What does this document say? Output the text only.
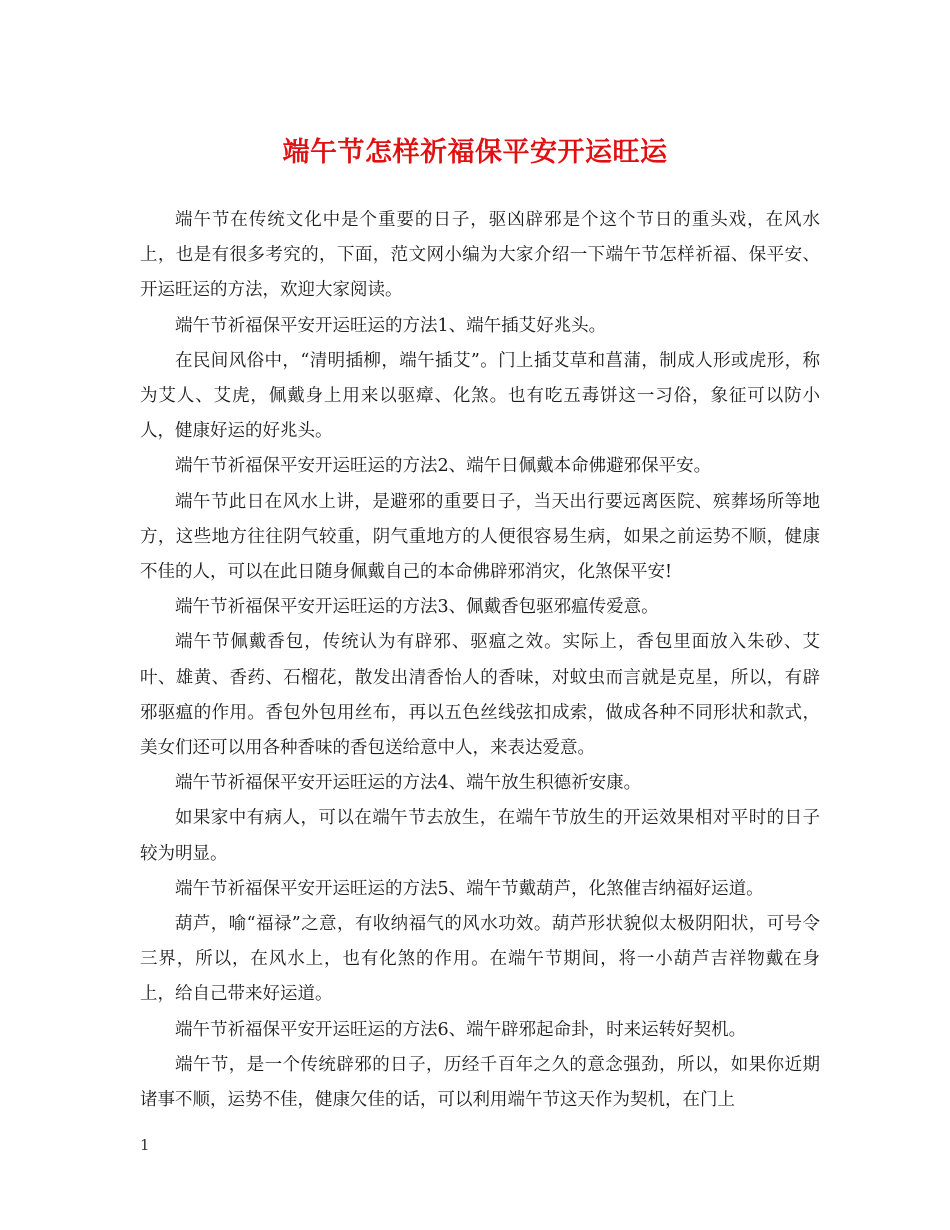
端午节怎样祈福保平安开运旺运

端午节在传统文化中是个重要的日子，驱凶辟邪是个这个节日的重头戏，在风水上，也是有很多考究的，下面，范文网小编为大家介绍一下端午节怎样祈福、保平安、开运旺运的方法，欢迎大家阅读。

端午节祈福保平安开运旺运的方法1、端午插艾好兆头。

在民间风俗中，“清明插柳，端午插艾”。门上插艾草和菖蒲，制成人形或虎形，称为艾人、艾虎，佩戴身上用来以驱瘴、化煞。也有吃五毒饼这一习俗，象征可以防小人，健康好运的好兆头。

端午节祈福保平安开运旺运的方法2、端午日佩戴本命佛避邪保平安。

端午节此日在风水上讲，是避邪的重要日子，当天出行要远离医院、殡葬场所等地方，这些地方往往阴气较重，阴气重地方的人便很容易生病，如果之前运势不顺，健康不佳的人，可以在此日随身佩戴自己的本命佛辟邪消灾，化煞保平安!

端午节祈福保平安开运旺运的方法3、佩戴香包驱邪瘟传爱意。

端午节佩戴香包，传统认为有辟邪、驱瘟之效。实际上，香包里面放入朱砂、艾叶、雄黄、香药、石榴花，散发出清香怡人的香味，对蚊虫而言就是克星，所以，有辟邪驱瘟的作用。香包外包用丝布，再以五色丝线弦扣成索，做成各种不同形状和款式，美女们还可以用各种香味的香包送给意中人，来表达爱意。

端午节祈福保平安开运旺运的方法4、端午放生积德祈安康。

如果家中有病人，可以在端午节去放生，在端午节放生的开运效果相对平时的日子较为明显。

端午节祈福保平安开运旺运的方法5、端午节戴葫芦，化煞催吉纳福好运道。

葫芦，喻“福禄”之意，有收纳福气的风水功效。葫芦形状貌似太极阴阳状，可号令三界，所以，在风水上，也有化煞的作用。在端午节期间，将一小葫芦吉祥物戴在身上，给自己带来好运道。

端午节祈福保平安开运旺运的方法6、端午辟邪起命卦，时来运转好契机。

端午节，是一个传统辟邪的日子，历经千百年之久的意念强劲，所以，如果你近期诸事不顺，运势不佳，健康欠佳的话，可以利用端午节这天作为契机，在门上

1
